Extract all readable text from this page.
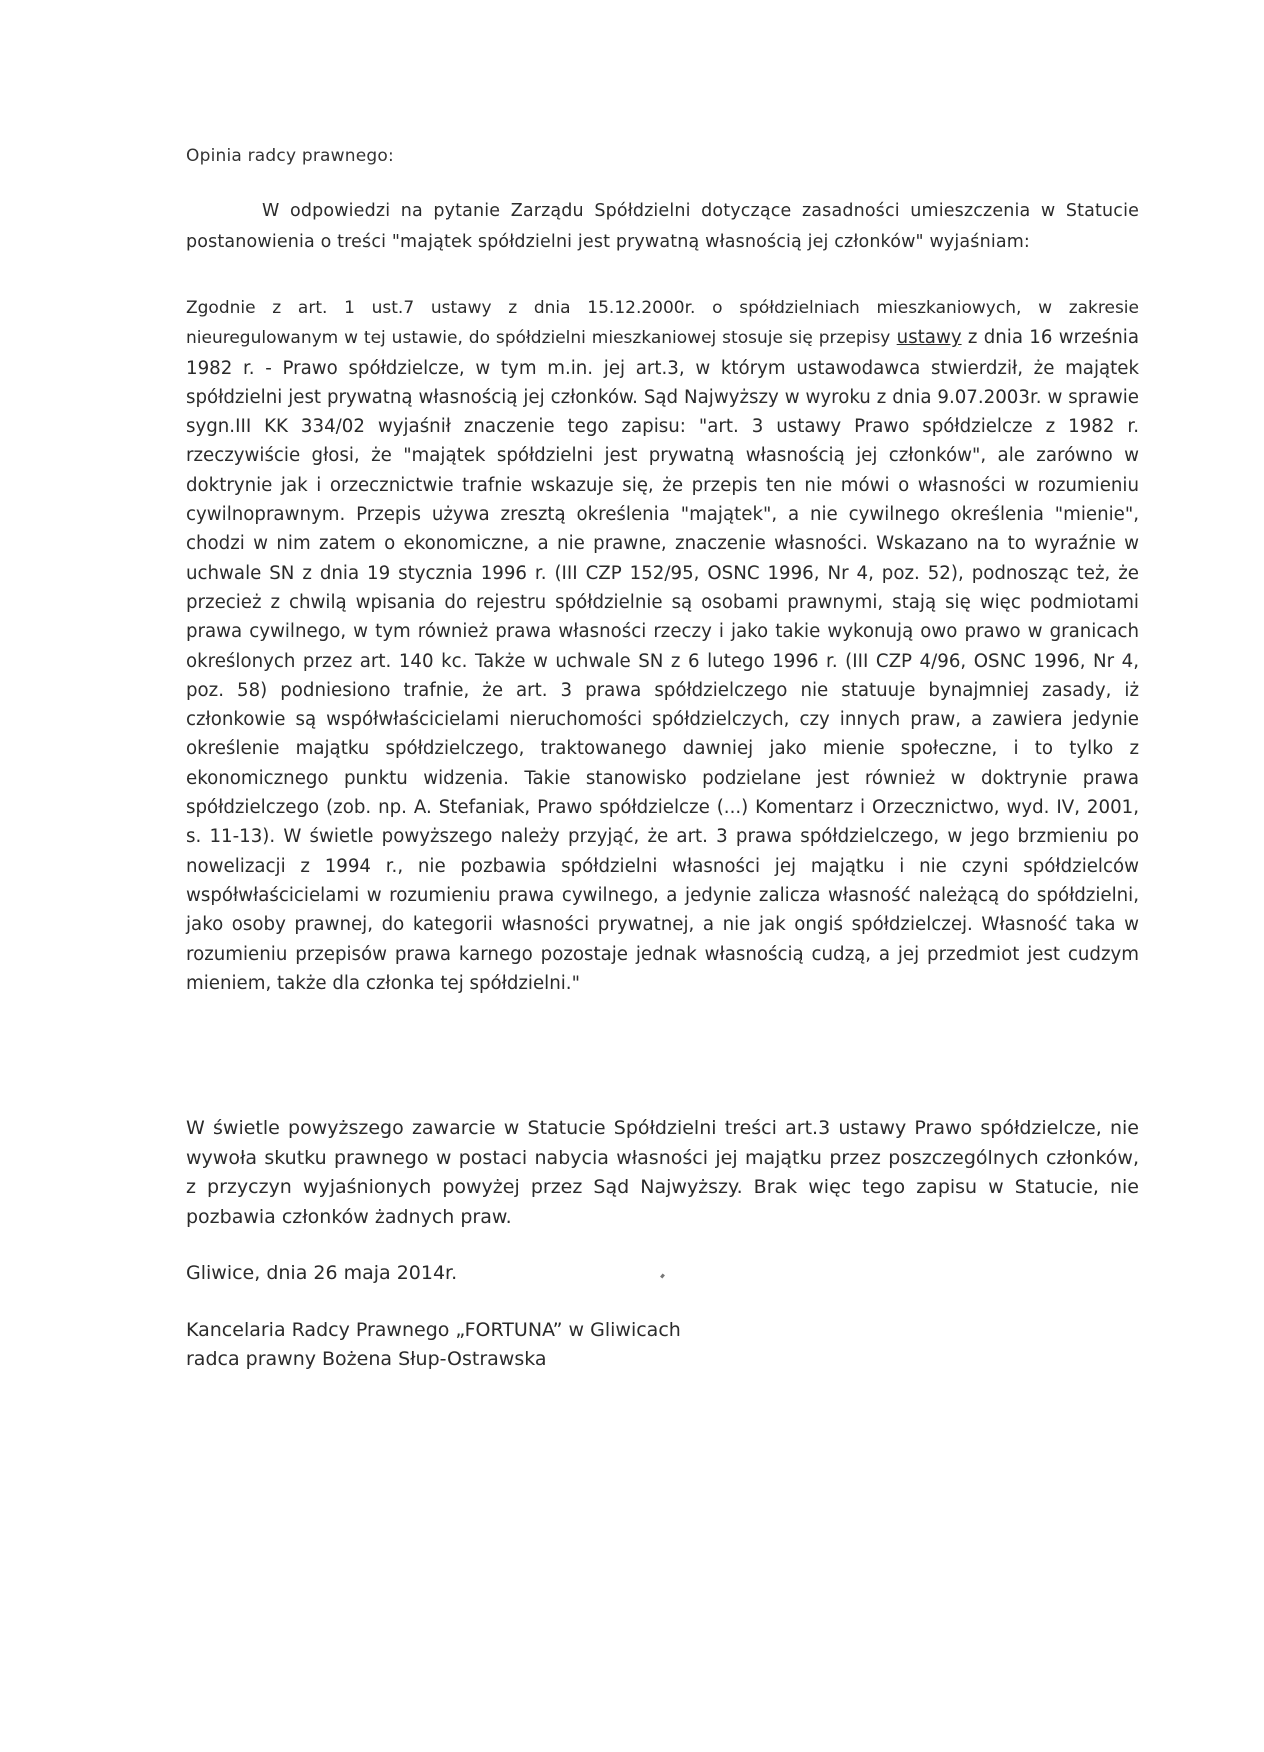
Opinia radcy prawnego:

W odpowiedzi na pytanie Zarządu Spółdzielni dotyczące zasadności umieszczenia w Statucie postanowienia o treści "majątek spółdzielni jest prywatną własnością jej członków" wyjaśniam:

Zgodnie z art. 1 ust.7 ustawy z dnia 15.12.2000r. o spółdzielniach mieszkaniowych, w zakresie nieuregulowanym w tej ustawie, do spółdzielni mieszkaniowej stosuje się przepisy ustawy z dnia 16 września 1982 r. - Prawo spółdzielcze, w tym m.in. jej art.3, w którym ustawodawca stwierdził, że majątek spółdzielni jest prywatną własnością jej członków. Sąd Najwyższy w wyroku z dnia 9.07.2003r. w sprawie sygn.III KK 334/02 wyjaśnił znaczenie tego zapisu: "art. 3 ustawy Prawo spółdzielcze z 1982 r. rzeczywiście głosi, że "majątek spółdzielni jest prywatną własnością jej członków", ale zarówno w doktrynie jak i orzecznictwie trafnie wskazuje się, że przepis ten nie mówi o własności w rozumieniu cywilnoprawnym. Przepis używa zresztą określenia "majątek", a nie cywilnego określenia "mienie", chodzi w nim zatem o ekonomiczne, a nie prawne, znaczenie własności. Wskazano na to wyraźnie w uchwale SN z dnia 19 stycznia 1996 r. (III CZP 152/95, OSNC 1996, Nr 4, poz. 52), podnosząc też, że przecież z chwilą wpisania do rejestru spółdzielnie są osobami prawnymi, stają się więc podmiotami prawa cywilnego, w tym również prawa własności rzeczy i jako takie wykonują owo prawo w granicach określonych przez art. 140 kc. Także w uchwale SN z 6 lutego 1996 r. (III CZP 4/96, OSNC 1996, Nr 4, poz. 58) podniesiono trafnie, że art. 3 prawa spółdzielczego nie statuuje bynajmniej zasady, iż członkowie są współwłaścicielami nieruchomości spółdzielczych, czy innych praw, a zawiera jedynie określenie majątku spółdzielczego, traktowanego dawniej jako mienie społeczne, i to tylko z ekonomicznego punktu widzenia. Takie stanowisko podzielane jest również w doktrynie prawa spółdzielczego (zob. np. A. Stefaniak, Prawo spółdzielcze (...) Komentarz i Orzecznictwo, wyd. IV, 2001, s. 11-13). W świetle powyższego należy przyjąć, że art. 3 prawa spółdzielczego, w jego brzmieniu po nowelizacji z 1994 r., nie pozbawia spółdzielni własności jej majątku i nie czyni spółdzielców współwłaścicielami w rozumieniu prawa cywilnego, a jedynie zalicza własność należącą do spółdzielni, jako osoby prawnej, do kategorii własności prywatnej, a nie jak ongiś spółdzielczej. Własność taka w rozumieniu przepisów prawa karnego pozostaje jednak własnością cudzą, a jej przedmiot jest cudzym mieniem, także dla członka tej spółdzielni."

W świetle powyższego zawarcie w Statucie Spółdzielni treści art.3 ustawy Prawo spółdzielcze, nie wywoła skutku prawnego w postaci nabycia własności jej majątku przez poszczególnych członków, z przyczyn wyjaśnionych powyżej przez Sąd Najwyższy. Brak więc tego zapisu w Statucie, nie pozbawia członków żadnych praw.

Gliwice, dnia 26 maja 2014r.
Kancelaria Radcy Prawnego „FORTUNA” w Gliwicach
radca prawny Bożena Słup-Ostrawska
